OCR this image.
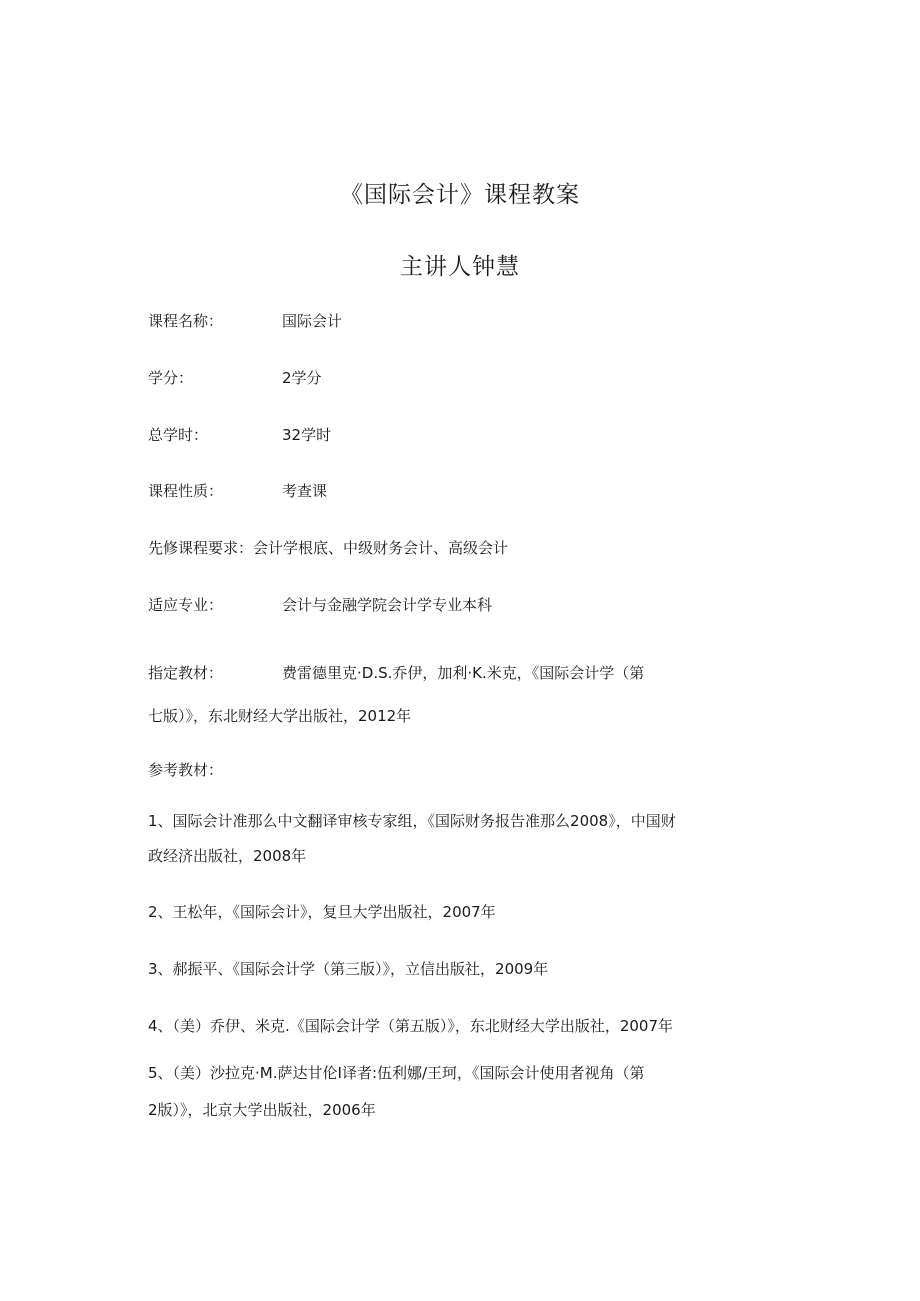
《国际会计》课程教案
主讲人钟慧
课程名称：	国际会计
学分：	2学分
总学时：	32学时
课程性质：	考查课
先修课程要求：会计学根底、中级财务会计、高级会计
适应专业：	会计与金融学院会计学专业本科
指定教材：	费雷德里克·D.S.乔伊，加利·K.米克，《国际会计学（第
七版）》，东北财经大学出版社，2012年
参考教材：
1、国际会计准那么中文翻译审核专家组，《国际财务报告准那么2008》，中国财
政经济出版社，2008年
2、王松年，《国际会计》，复旦大学出版社，2007年
3、郝振平、《国际会计学（第三版）》，立信出版社，2009年
4、（美）乔伊、米克.《国际会计学（第五版）》，东北财经大学出版社，2007年
5、（美）沙拉克·M.萨达甘伦I译者:伍利娜/王珂，《国际会计使用者视角（第
2版）》，北京大学出版社，2006年
